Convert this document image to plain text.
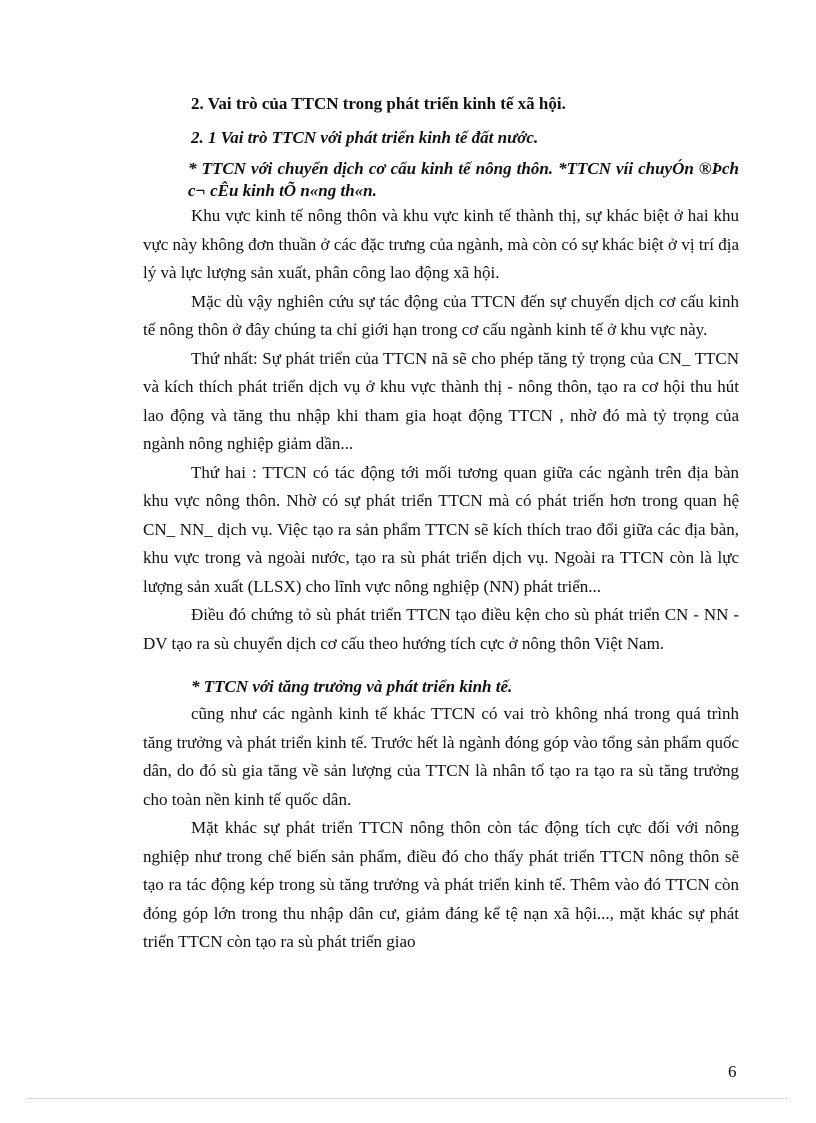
2. Vai trò của TTCN trong phát triển kinh tế xã hội.
2. 1 Vai trò TTCN với phát triển kinh tế đất nước.
* TTCN với chuyển dịch cơ cấu kinh tế nông thôn. *TTCN víi chuyÓn ®Þch c¬ cÊu kinh tÕ n«ng th«n.

Khu vực kinh tế nông thôn và khu vực kinh tế thành thị, sự khác biệt ở hai khu vực này không đơn thuần ở các đặc trưng của ngành, mà còn có sự khác biệt ở vị trí địa lý và lực lượng sản xuất, phân công lao động xã hội.

Mặc dù vậy nghiên cứu sự tác động của TTCN đến sự chuyển dịch cơ cấu kinh tế nông thôn ở đây chúng ta chỉ giới hạn trong cơ cấu ngành kinh tế ở khu vực này.

Thứ nhất: Sự phát triển của TTCN nã sẽ cho phép tăng tỷ trọng của CN_ TTCN và kích thích phát triển dịch vụ ở khu vực thành thị - nông thôn, tạo ra cơ hội thu hút lao động và tăng thu nhập khi tham gia hoạt động TTCN , nhờ đó mà tỷ trọng của ngành nông nghiệp giảm dần...

Thứ hai : TTCN có tác động tới mối tương quan giữa các ngành trên địa bàn khu vực nông thôn. Nhờ có sự phát triển TTCN mà có phát triển hơn trong quan hệ CN_ NN_ dịch vụ. Việc tạo ra sản phẩm TTCN sẽ kích thích trao đổi giữa các địa bàn, khu vực trong và ngoài nước, tạo ra sù phát triển dịch vụ. Ngoài ra TTCN còn là lực lượng sản xuất (LLSX) cho lĩnh vực nông nghiệp (NN) phát triển...

Điều đó chứng tỏ sù phát triển TTCN tạo điều kện cho sù phát triển CN - NN - DV tạo ra sù chuyển dịch cơ cấu theo hướng tích cực ở nông thôn Việt Nam.

* TTCN với tăng trưởng và phát triển kinh tế.

cũng như các ngành kinh tế khác TTCN có vai trò không nhá trong quá trình tăng trưởng và phát triển kinh tế. Trước hết là ngành đóng góp vào tổng sản phẩm quốc dân, do đó sù gia tăng về sản lượng của TTCN là nhân tố tạo ra tạo ra sù tăng trưởng cho toàn nền kinh tế quốc dân.

Mặt khác sự phát triển TTCN nông thôn còn tác động tích cực đối với nông nghiệp như trong chế biến sản phẩm, điều đó cho thấy phát triển TTCN nông thôn sẽ tạo ra tác động kép trong sù tăng trưởng và phát triển kinh tế. Thêm vào đó TTCN còn đóng góp lớn trong thu nhập dân cư, giảm đáng kể tệ nạn xã hội..., mặt khác sự phát triển TTCN còn tạo ra sù phát triển giao

6
